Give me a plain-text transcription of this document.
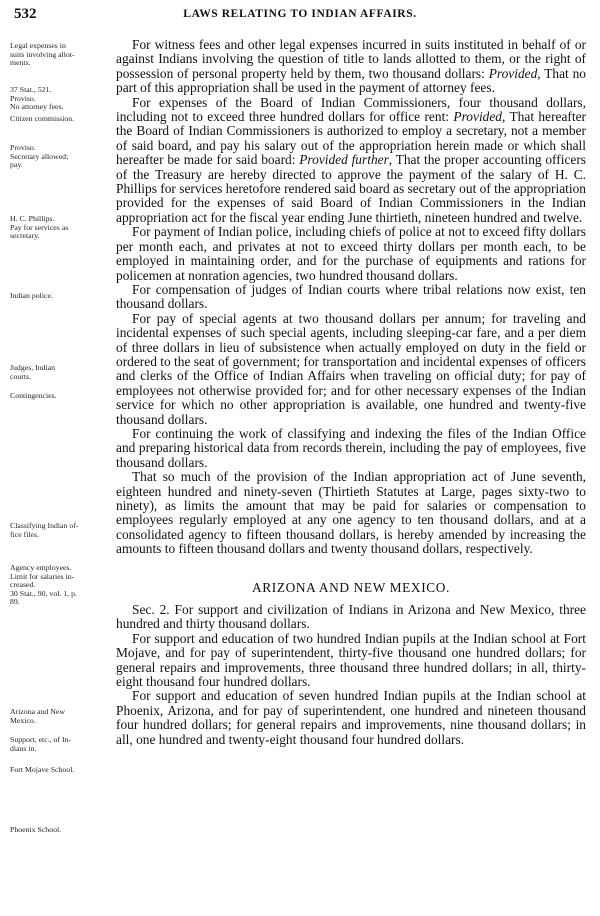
532	LAWS RELATING TO INDIAN AFFAIRS.
Legal expenses in
suits involving allot-
ments.
37 Stat., 521.
Proviso.
No attorney fees.
Citizen commission.
Proviso.
Secretary allowed;
pay.
H. C. Phillips.
Pay for services as
secretary.
Indian police.
Judges, Indian
courts.
Contingencies.
Classifying Indian of-
fice files.
Agency employees.
Limit for salaries in-
creased.
30 Stat., 90, vol. 1, p.
89.
Arizona and New
Mexico.
Support, etc., of In-
dians in.
Fort Mojave School.
Phoenix School.

For witness fees and other legal expenses incurred in suits instituted in behalf of or against Indians involving the question of title to lands allotted to them, or the right of possession of personal property held by them, two thousand dollars: Provided, That no part of this appropriation shall be used in the payment of attorney fees.

For expenses of the Board of Indian Commissioners, four thousand dollars, including not to exceed three hundred dollars for office rent: Provided, That hereafter the Board of Indian Commissioners is authorized to employ a secretary, not a member of said board, and pay his salary out of the appropriation herein made or which shall hereafter be made for said board: Provided further, That the proper accounting officers of the Treasury are hereby directed to approve the payment of the salary of H. C. Phillips for services heretofore rendered said board as secretary out of the appropriation provided for the expenses of said Board of Indian Commissioners in the Indian appropriation act for the fiscal year ending June thirtieth, nineteen hundred and twelve.

For payment of Indian police, including chiefs of police at not to exceed fifty dollars per month each, and privates at not to exceed thirty dollars per month each, to be employed in maintaining order, and for the purchase of equipments and rations for policemen at nonration agencies, two hundred thousand dollars.

For compensation of judges of Indian courts where tribal relations now exist, ten thousand dollars.

For pay of special agents at two thousand dollars per annum; for traveling and incidental expenses of such special agents, including sleeping-car fare, and a per diem of three dollars in lieu of subsistence when actually employed on duty in the field or ordered to the seat of government; for transportation and incidental expenses of officers and clerks of the Office of Indian Affairs when traveling on official duty; for pay of employees not otherwise provided for; and for other necessary expenses of the Indian service for which no other appropriation is available, one hundred and twenty-five thousand dollars.

For continuing the work of classifying and indexing the files of the Indian Office and preparing historical data from records therein, including the pay of employees, five thousand dollars.

That so much of the provision of the Indian appropriation act of June seventh, eighteen hundred and ninety-seven (Thirtieth Statutes at Large, pages sixty-two to ninety), as limits the amount that may be paid for salaries or compensation to employees regularly employed at any one agency to ten thousand dollars, and at a consolidated agency to fifteen thousand dollars, is hereby amended by increasing the amounts to fifteen thousand dollars and twenty thousand dollars, respectively.

ARIZONA AND NEW MEXICO.

Sec. 2. For support and civilization of Indians in Arizona and New Mexico, three hundred and thirty thousand dollars.

For support and education of two hundred Indian pupils at the Indian school at Fort Mojave, and for pay of superintendent, thirty-five thousand one hundred dollars; for general repairs and improvements, three thousand three hundred dollars; in all, thirty-eight thousand four hundred dollars.

For support and education of seven hundred Indian pupils at the Indian school at Phoenix, Arizona, and for pay of superintendent, one hundred and nineteen thousand four hundred dollars; for general repairs and improvements, nine thousand dollars; in all, one hundred and twenty-eight thousand four hundred dollars.
